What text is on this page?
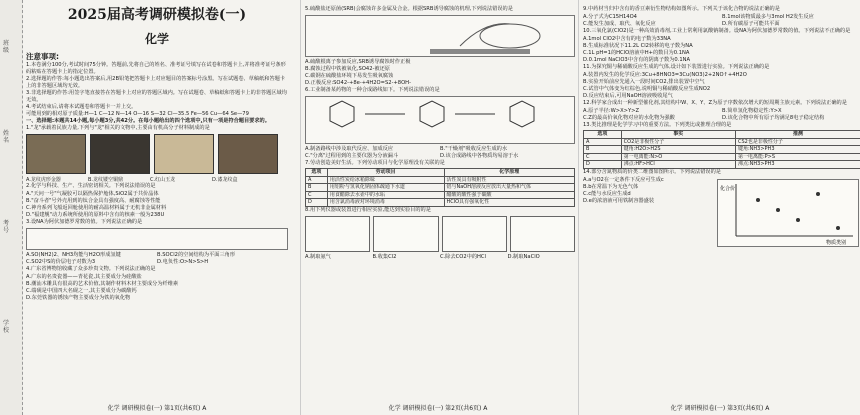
班级
姓名
考号
学校
2025届高考调研模拟卷(一)
化学
注意事项:

1.本卷满分100分,考试时间75分钟。答题前,先将自己的姓名、准考证号填写在试卷和答题卡上,并将准考证号条形码粘贴在答题卡上的指定位置。

2.选择题的作答:每小题选出答案后,用2B铅笔把答题卡上对应题目的答案标号涂黑。写在试题卷、草稿纸和答题卡上的非答题区域均无效。

3.非选择题的作答:用签字笔直接答在答题卡上对应的答题区域内。写在试题卷、草稿纸和答题卡上的非答题区域均无效。

4.考试结束后,请将本试题卷和答题卡一并上交。

可能用到的相对原子质量:H—1 C—12 N—14 O—16 S—32 Cl—35.5 Fe—56 Cu—64 Se—79

一、选择题:本题共14小题,每小题3分,共42分。在每小题给出的四个选项中,只有一项是符合题目要求的。

1."龙"承载着民族力量,下列与"龙"相关的文物中,主要由有机高分子材料制成的是

A.龙纹虎形金器	B.龙纹镂空铜鼎	C.红山玉龙	D.漆龙纹盒

2.化学与科技、生产、生活密切相关。下列说法错误的是

A."天问一号"气凝胶可以隔热保护舱体,SiO2属于共价晶体

B."奋斗者"号外壳用到的钛合金具有强度高、耐腐蚀等性能

C.神舟系列飞船返回舱使用的耐高温材料属于无机非金属材料

D."福建舰"动力系统所使用的原料中含有的核素一般为238U

3.设NA为阿伏加德罗常数的值。下列说法正确的是

A.SO(NH2)2、NH3均能与H2O形成氢键	B.SOCl2的空间结构为平面三角形
C.SO2中S的价层电子对数为3	D.电负性:O>N>S>H

4.广东省博物馆收藏了众多珍贵文物。下列说法正确的是

A.广东的名贵瓷器——青花瓷,其主要成分为硅酸盐

B.潮汕木雕具有很高的艺术价值,其制作材料木材主要成分为纤维素

C.端砚是中国四大名砚之一,其主要成分为碳酸钙

D.东莞铁器的锈蚀产物主要成分为铁的氧化物

化学 调研模拟卷(一) 第1页(共6页) A

5.硫酸盐还原菌(SRB)会腐蚀许多金属及合金。根据SRB诱导腐蚀的机理,下列说法错误的是

A.硫酸根离子参加反应,SRB诱导腐蚀时作正极

B.腐蚀过程中铁被氧化,SO42-被还原

C.碳钢在硫酸盐环境下易发生吸氧腐蚀

D.正极反应:SO42-+8e-+4H2O=S2-+8OH-

6.工业制备某药物的一种合成路线如下。下列说法错误的是

A.制备路线中涉及取代反应、加成反应	B."干燥剂"吸收反应生成的水
C."分离"过程用到的主要仪器为分液漏斗	D.该合成路线中各物质均易溶于水

7.劳动创造美好生活。下列劳动项目与化学原理没有关联的是

选项	劳动项目	化学原理
A	用活性炭给冰箱除味	活性炭具有吸附性
B	用铝粉与氢氧化钠固体疏通下水道	铝与NaOH溶液反应放出大量热和气体
C	用食醋除去水壶中的水垢	醋酸的酸性强于碳酸
D	用含氯消毒液对环境消毒	HClO具有强氧化性

8.用下列仪器或装置进行相应实验,能达到实验目的的是

A.制取氨气	B.收集Cl2	C.除去CO2中的HCl	D.制取NaClO
化学 调研模拟卷(一) 第2页(共6页) A

9.中药材当归中含有的香豆素衍生物结构如图所示。下列关于该化合物的说法正确的是

A.分子式为C15H14O4	B.1mol该物质最多与3mol H2发生反应
C.能发生加成、取代、氧化反应	D.所有碳原子可能共平面

10.三氧化氯(ClO2)是一种高效消毒剂,工业上常利用氯酸钠制备。设NA为阿伏加德罗常数的值。下列说法不正确的是

A.1mol ClO2中含有的电子数为33NA

B.生成标准状况下11.2L Cl2转移的电子数为NA

C.1L pH=1的HClO溶液中H+的数目为0.1NA

D.0.1mol NaClO3中含有的阴离子数为0.1NA

11.为探究铜与稀硝酸反应生成的气体,设计如下装置进行实验。下列说法正确的是

A.装置内发生的化学反应:3Cu+8HNO3=3Cu(NO3)2+2NO↑+4H2O

B.实验开始前应先通入一段时间CO2,排出装置中空气

C.试管中气体变为红棕色,说明铜与稀硝酸反应生成NO2

D.反应结束后,可用NaOH溶液吸收尾气

12.科学家合成出一种新型催化剂,其结构中W、X、Y、Z为原子序数依次增大的短周期主族元素。下列说法正确的是

A.原子半径:W>X>Y>Z	B.简单氢化物稳定性:Y>X
C.Z的最高价氧化物对应的水化物为强酸	D.该化合物中所有原子均满足8电子稳定结构

13.类比推理是化学学习中的重要方法。下列类比或推理合理的是

选项	事实	推测
A	CO2是非极性分子	CS2也是非极性分子
B	键角:H2O>H2S	键角:NH3>PH3
C	第一电离能:N>O	第一电离能:P>S
D	沸点:HF>HCl	沸点:NH3>PH3

14.部分含氮物质的价类二维图如图所示。下列说法错误的是

A.a与O2在一定条件下反应可生成c

B.b在常温下为无色气体

C.c能与水反应生成d

D.e的浓溶液可用铁制容器盛装

化合价
物质类别
化学 调研模拟卷(一) 第3页(共6页) A
